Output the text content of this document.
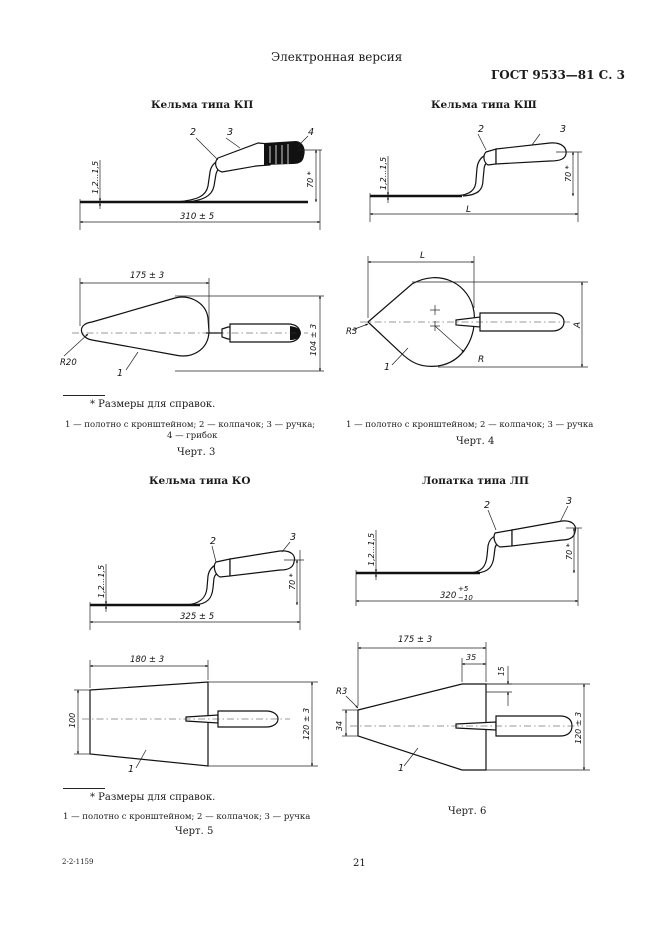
Электронная версия
ГОСТ 9533—81 С. 3
Кельма типа КП	Кельма типа КШ
Кельма типа КО	Лопатка типа ЛП
* Размеры для справок.
1 — полотно с кронштейном; 2 — колпачок; 3 — ручка;
4 — грибок
Черт. 3
1 — полотно с кронштейном; 2 — колпачок; 3 — ручка
Черт. 4
* Размеры для справок.
1 — полотно с кронштейном; 2 — колпачок; 3 — ручка
Черт. 5
Черт. 6
21
2-2-1159
1,2...1,5
310 ± 5
70 *
2	3	4
175 ± 3
R20
104 ± 3
1
1,2...1,5
L
70 *
2	3
L
R3
A
R
1
1,2...1,5
325 ± 5
70 *
2	3
180 ± 3
100	120 ± 3
1
1,2...1,5
320
+5
−10
70 *
2	3
175 ± 3
35
15
R3
34	120 ± 3
1
